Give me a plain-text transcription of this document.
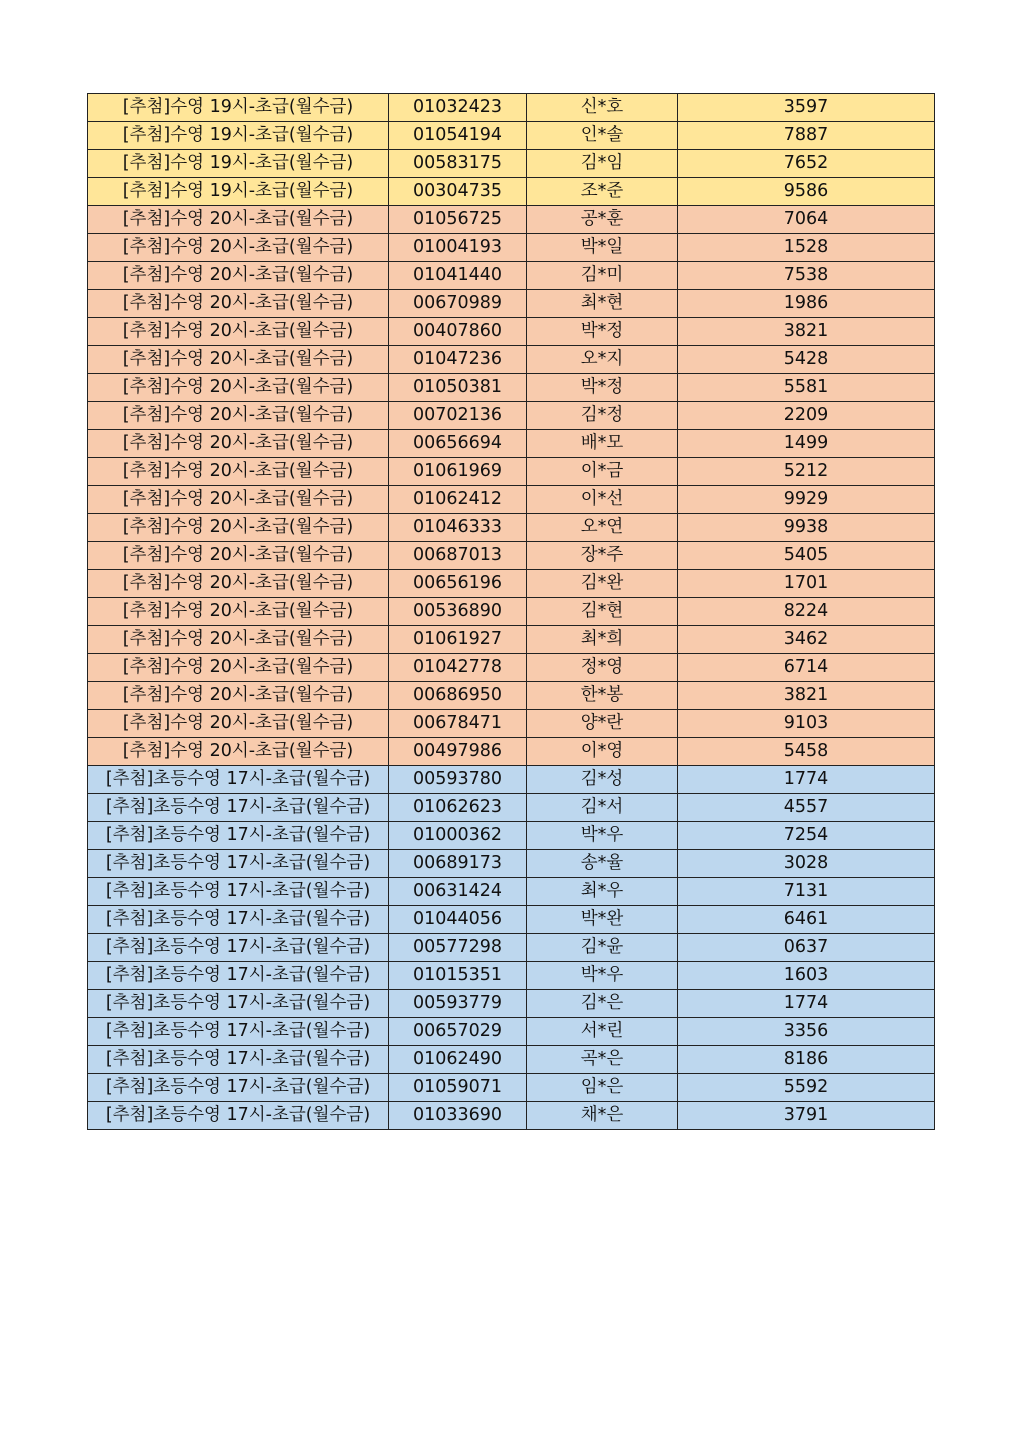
[추첨]수영 19시-초급(월수금)	01032423	신*호	3597
[추첨]수영 19시-초급(월수금)	01054194	인*솔	7887
[추첨]수영 19시-초급(월수금)	00583175	김*임	7652
[추첨]수영 19시-초급(월수금)	00304735	조*준	9586
[추첨]수영 20시-초급(월수금)	01056725	공*훈	7064
[추첨]수영 20시-초급(월수금)	01004193	박*일	1528
[추첨]수영 20시-초급(월수금)	01041440	김*미	7538
[추첨]수영 20시-초급(월수금)	00670989	최*현	1986
[추첨]수영 20시-초급(월수금)	00407860	박*정	3821
[추첨]수영 20시-초급(월수금)	01047236	오*지	5428
[추첨]수영 20시-초급(월수금)	01050381	박*정	5581
[추첨]수영 20시-초급(월수금)	00702136	김*정	2209
[추첨]수영 20시-초급(월수금)	00656694	배*모	1499
[추첨]수영 20시-초급(월수금)	01061969	이*금	5212
[추첨]수영 20시-초급(월수금)	01062412	이*선	9929
[추첨]수영 20시-초급(월수금)	01046333	오*연	9938
[추첨]수영 20시-초급(월수금)	00687013	장*주	5405
[추첨]수영 20시-초급(월수금)	00656196	김*완	1701
[추첨]수영 20시-초급(월수금)	00536890	김*현	8224
[추첨]수영 20시-초급(월수금)	01061927	최*희	3462
[추첨]수영 20시-초급(월수금)	01042778	정*영	6714
[추첨]수영 20시-초급(월수금)	00686950	한*봉	3821
[추첨]수영 20시-초급(월수금)	00678471	양*란	9103
[추첨]수영 20시-초급(월수금)	00497986	이*영	5458
[추첨]초등수영 17시-초급(월수금)	00593780	김*성	1774
[추첨]초등수영 17시-초급(월수금)	01062623	김*서	4557
[추첨]초등수영 17시-초급(월수금)	01000362	박*우	7254
[추첨]초등수영 17시-초급(월수금)	00689173	송*율	3028
[추첨]초등수영 17시-초급(월수금)	00631424	최*우	7131
[추첨]초등수영 17시-초급(월수금)	01044056	박*완	6461
[추첨]초등수영 17시-초급(월수금)	00577298	김*윤	0637
[추첨]초등수영 17시-초급(월수금)	01015351	박*우	1603
[추첨]초등수영 17시-초급(월수금)	00593779	김*은	1774
[추첨]초등수영 17시-초급(월수금)	00657029	서*린	3356
[추첨]초등수영 17시-초급(월수금)	01062490	곡*은	8186
[추첨]초등수영 17시-초급(월수금)	01059071	임*은	5592
[추첨]초등수영 17시-초급(월수금)	01033690	채*은	3791
